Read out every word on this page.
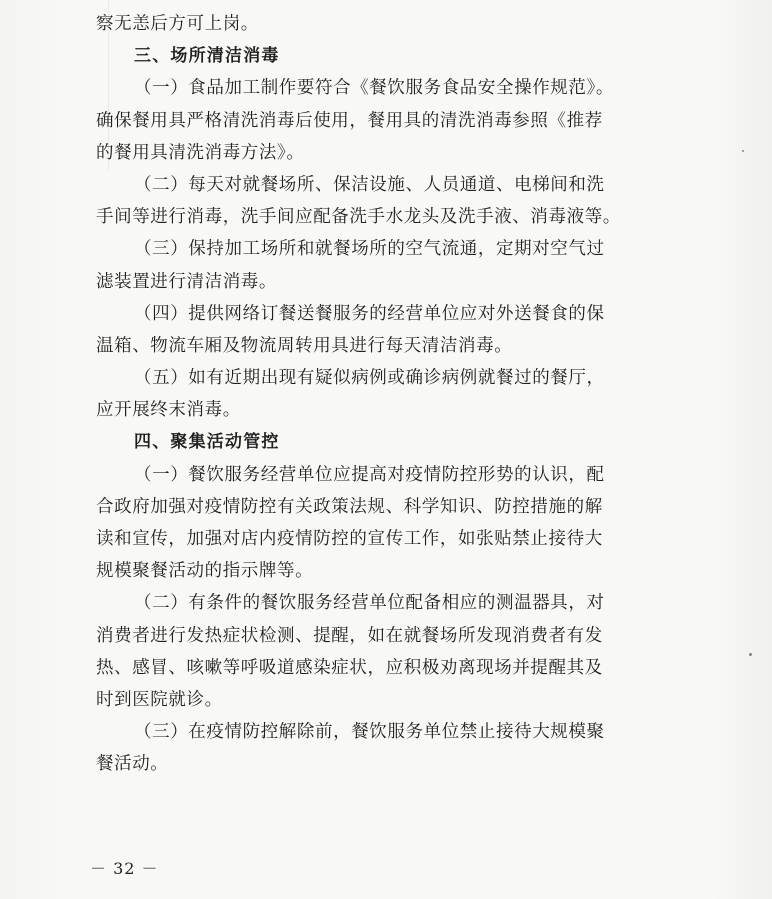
察无恙后方可上岗。
三、场所清洁消毒
（一）食品加工制作要符合《餐饮服务食品安全操作规范》。
确保餐用具严格清洗消毒后使用，餐用具的清洗消毒参照《推荐
的餐用具清洗消毒方法》。
（二）每天对就餐场所、保洁设施、人员通道、电梯间和洗
手间等进行消毒，洗手间应配备洗手水龙头及洗手液、消毒液等。
（三）保持加工场所和就餐场所的空气流通，定期对空气过
滤装置进行清洁消毒。
（四）提供网络订餐送餐服务的经营单位应对外送餐食的保
温箱、物流车厢及物流周转用具进行每天清洁消毒。
（五）如有近期出现有疑似病例或确诊病例就餐过的餐厅，
应开展终末消毒。
四、聚集活动管控
（一）餐饮服务经营单位应提高对疫情防控形势的认识，配
合政府加强对疫情防控有关政策法规、科学知识、防控措施的解
读和宣传，加强对店内疫情防控的宣传工作，如张贴禁止接待大
规模聚餐活动的指示牌等。
（二）有条件的餐饮服务经营单位配备相应的测温器具，对
消费者进行发热症状检测、提醒，如在就餐场所发现消费者有发
热、感冒、咳嗽等呼吸道感染症状，应积极劝离现场并提醒其及
时到医院就诊。
（三）在疫情防控解除前，餐饮服务单位禁止接待大规模聚
餐活动。
－ 32 －
